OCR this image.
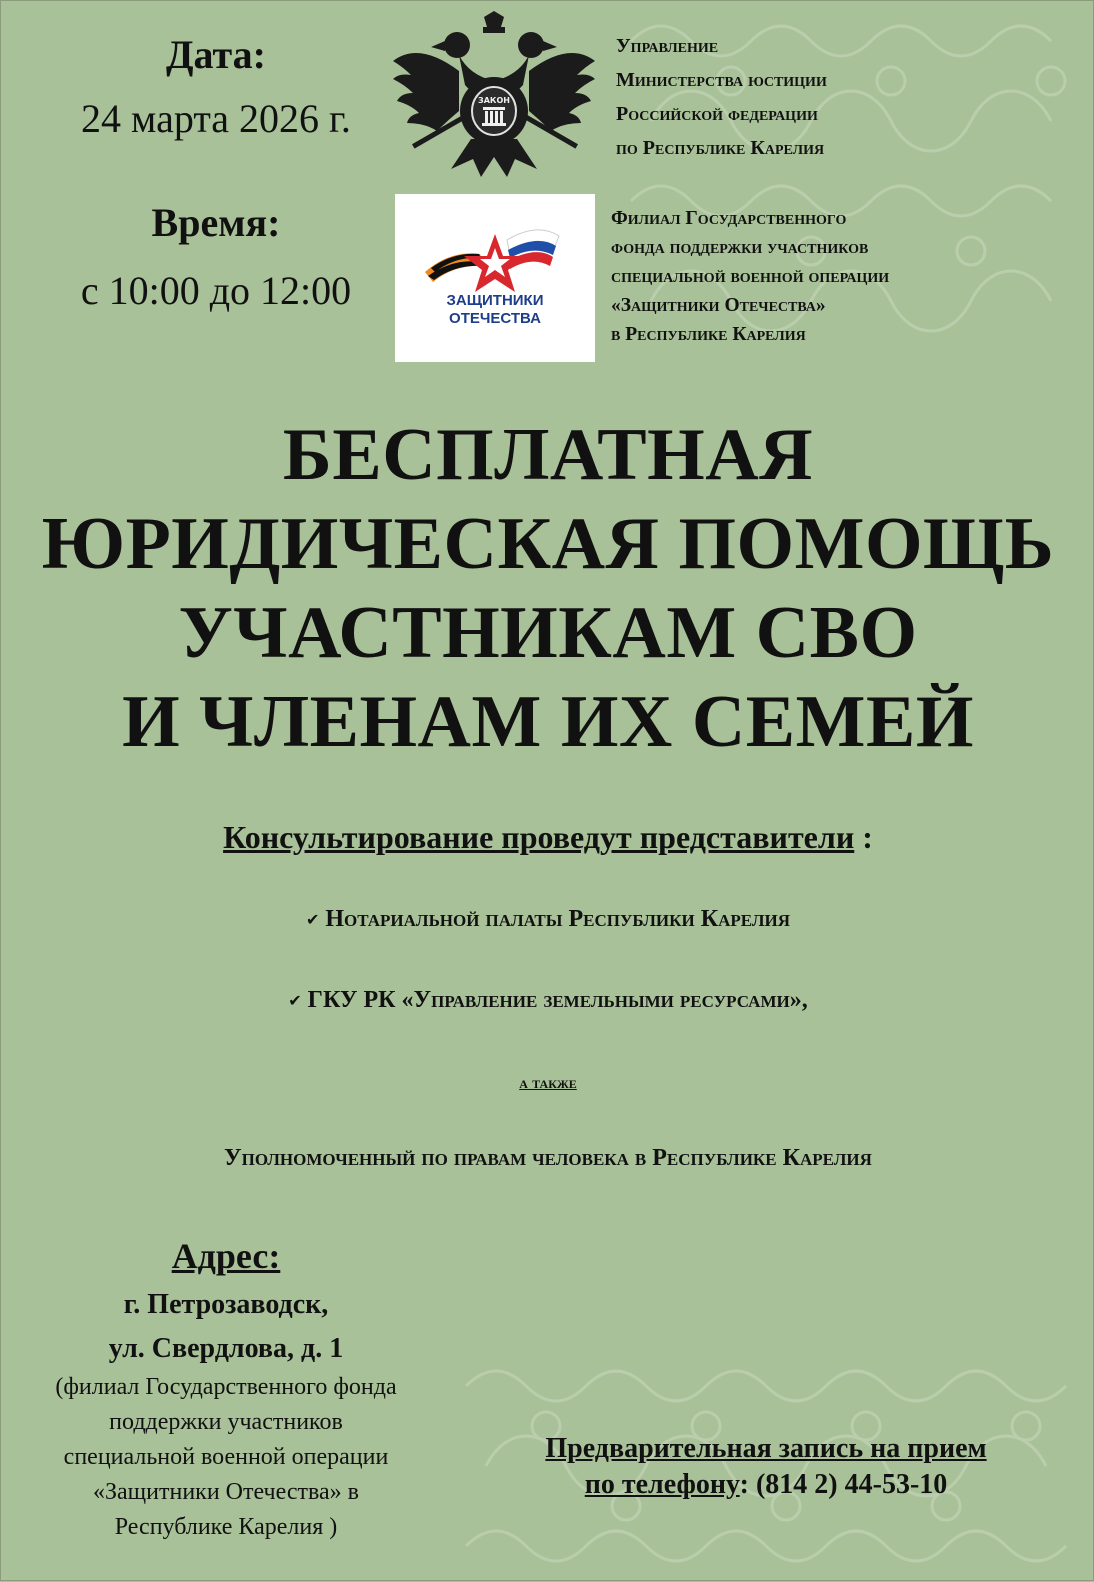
Дата:
24 марта 2026 г.
Время:
с 10:00 до 12:00
ЗАКОН
Управление
Министерства юстиции
Российской федерации
по Республике Карелия
ЗАЩИТНИКИ
ОТЕЧЕСТВА
Филиал Государственного
фонда поддержки участников
специальной военной операции
«Защитники Отечества»
в Республике Карелия
БЕСПЛАТНАЯ
ЮРИДИЧЕСКАЯ ПОМОЩЬ
УЧАСТНИКАМ СВО
И ЧЛЕНАМ ИХ СЕМЕЙ
Консультирование проведут представители :
✔ Нотариальной палаты Республики Карелия
✔ ГКУ РК «Управление земельными ресурсами»,
а также
Уполномоченный по правам человека в Республике Карелия
Адрес:
г. Петрозаводск,
ул. Свердлова, д. 1
(филиал Государственного фонда
поддержки участников
специальной военной операции
«Защитники Отечества» в
Республике Карелия )
Предварительная запись на прием
по телефону: (814 2) 44-53-10
